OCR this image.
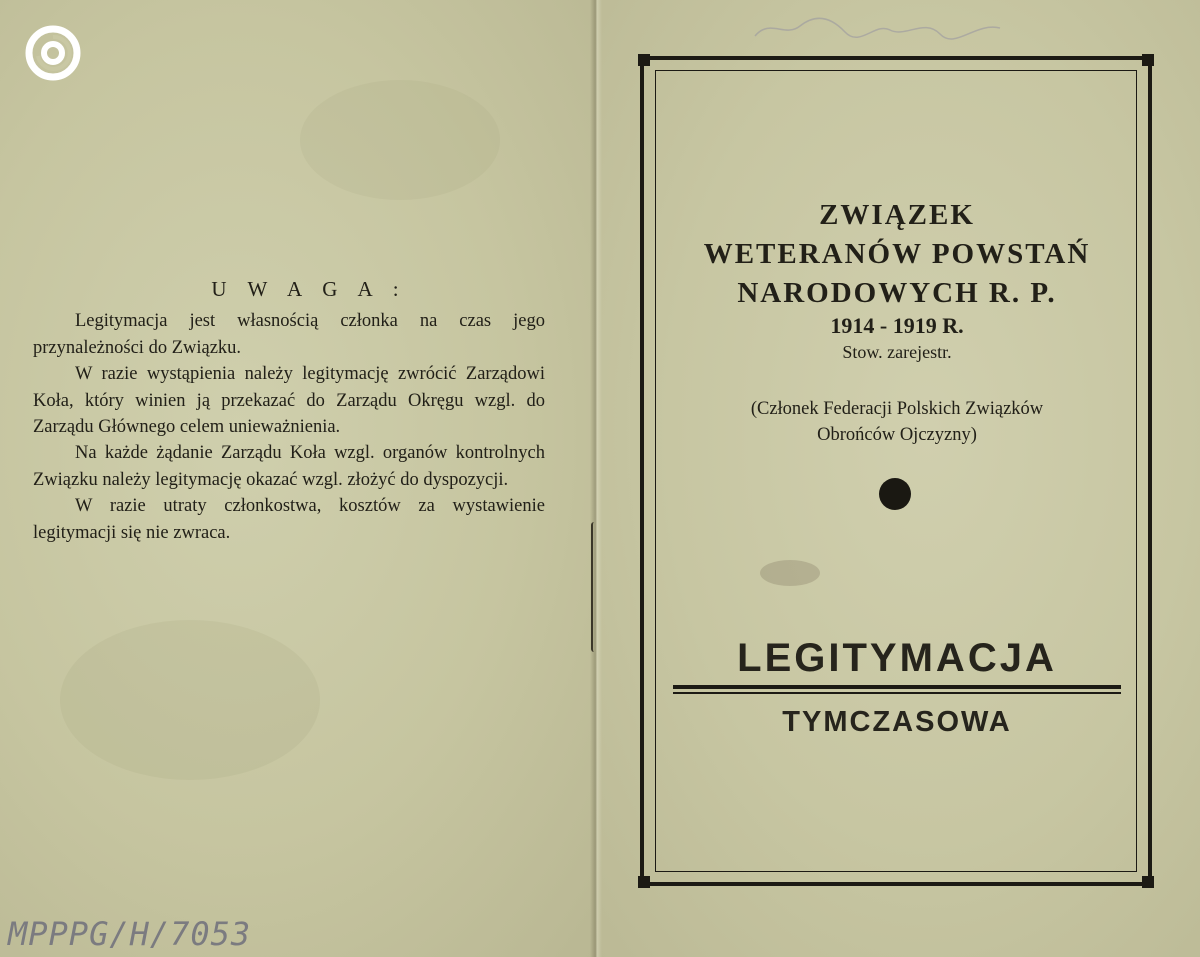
U W A G A :

Legitymacja jest własnością członka na czas jego przynależności do Związku.

W razie wystąpienia należy legitymację zwrócić Zarządowi Koła, który winien ją przekazać do Zarządu Okręgu wzgl. do Zarządu Głównego celem unieważnienia.

Na każde żądanie Zarządu Koła wzgl. organów kontrolnych Związku należy legitymację okazać wzgl. złożyć do dyspozycji.

W razie utraty członkostwa, kosztów za wystawienie legitymacji się nie zwraca.

MPPPG/H/7053
ZWIĄZEK
WETERANÓW POWSTAŃ
NARODOWYCH R. P.
1914 - 1919 R.
Stow. zarejestr.
(Członek Federacji Polskich Związków
Obrońców Ojczyzny)
LEGITYMACJA
TYMCZASOWA
